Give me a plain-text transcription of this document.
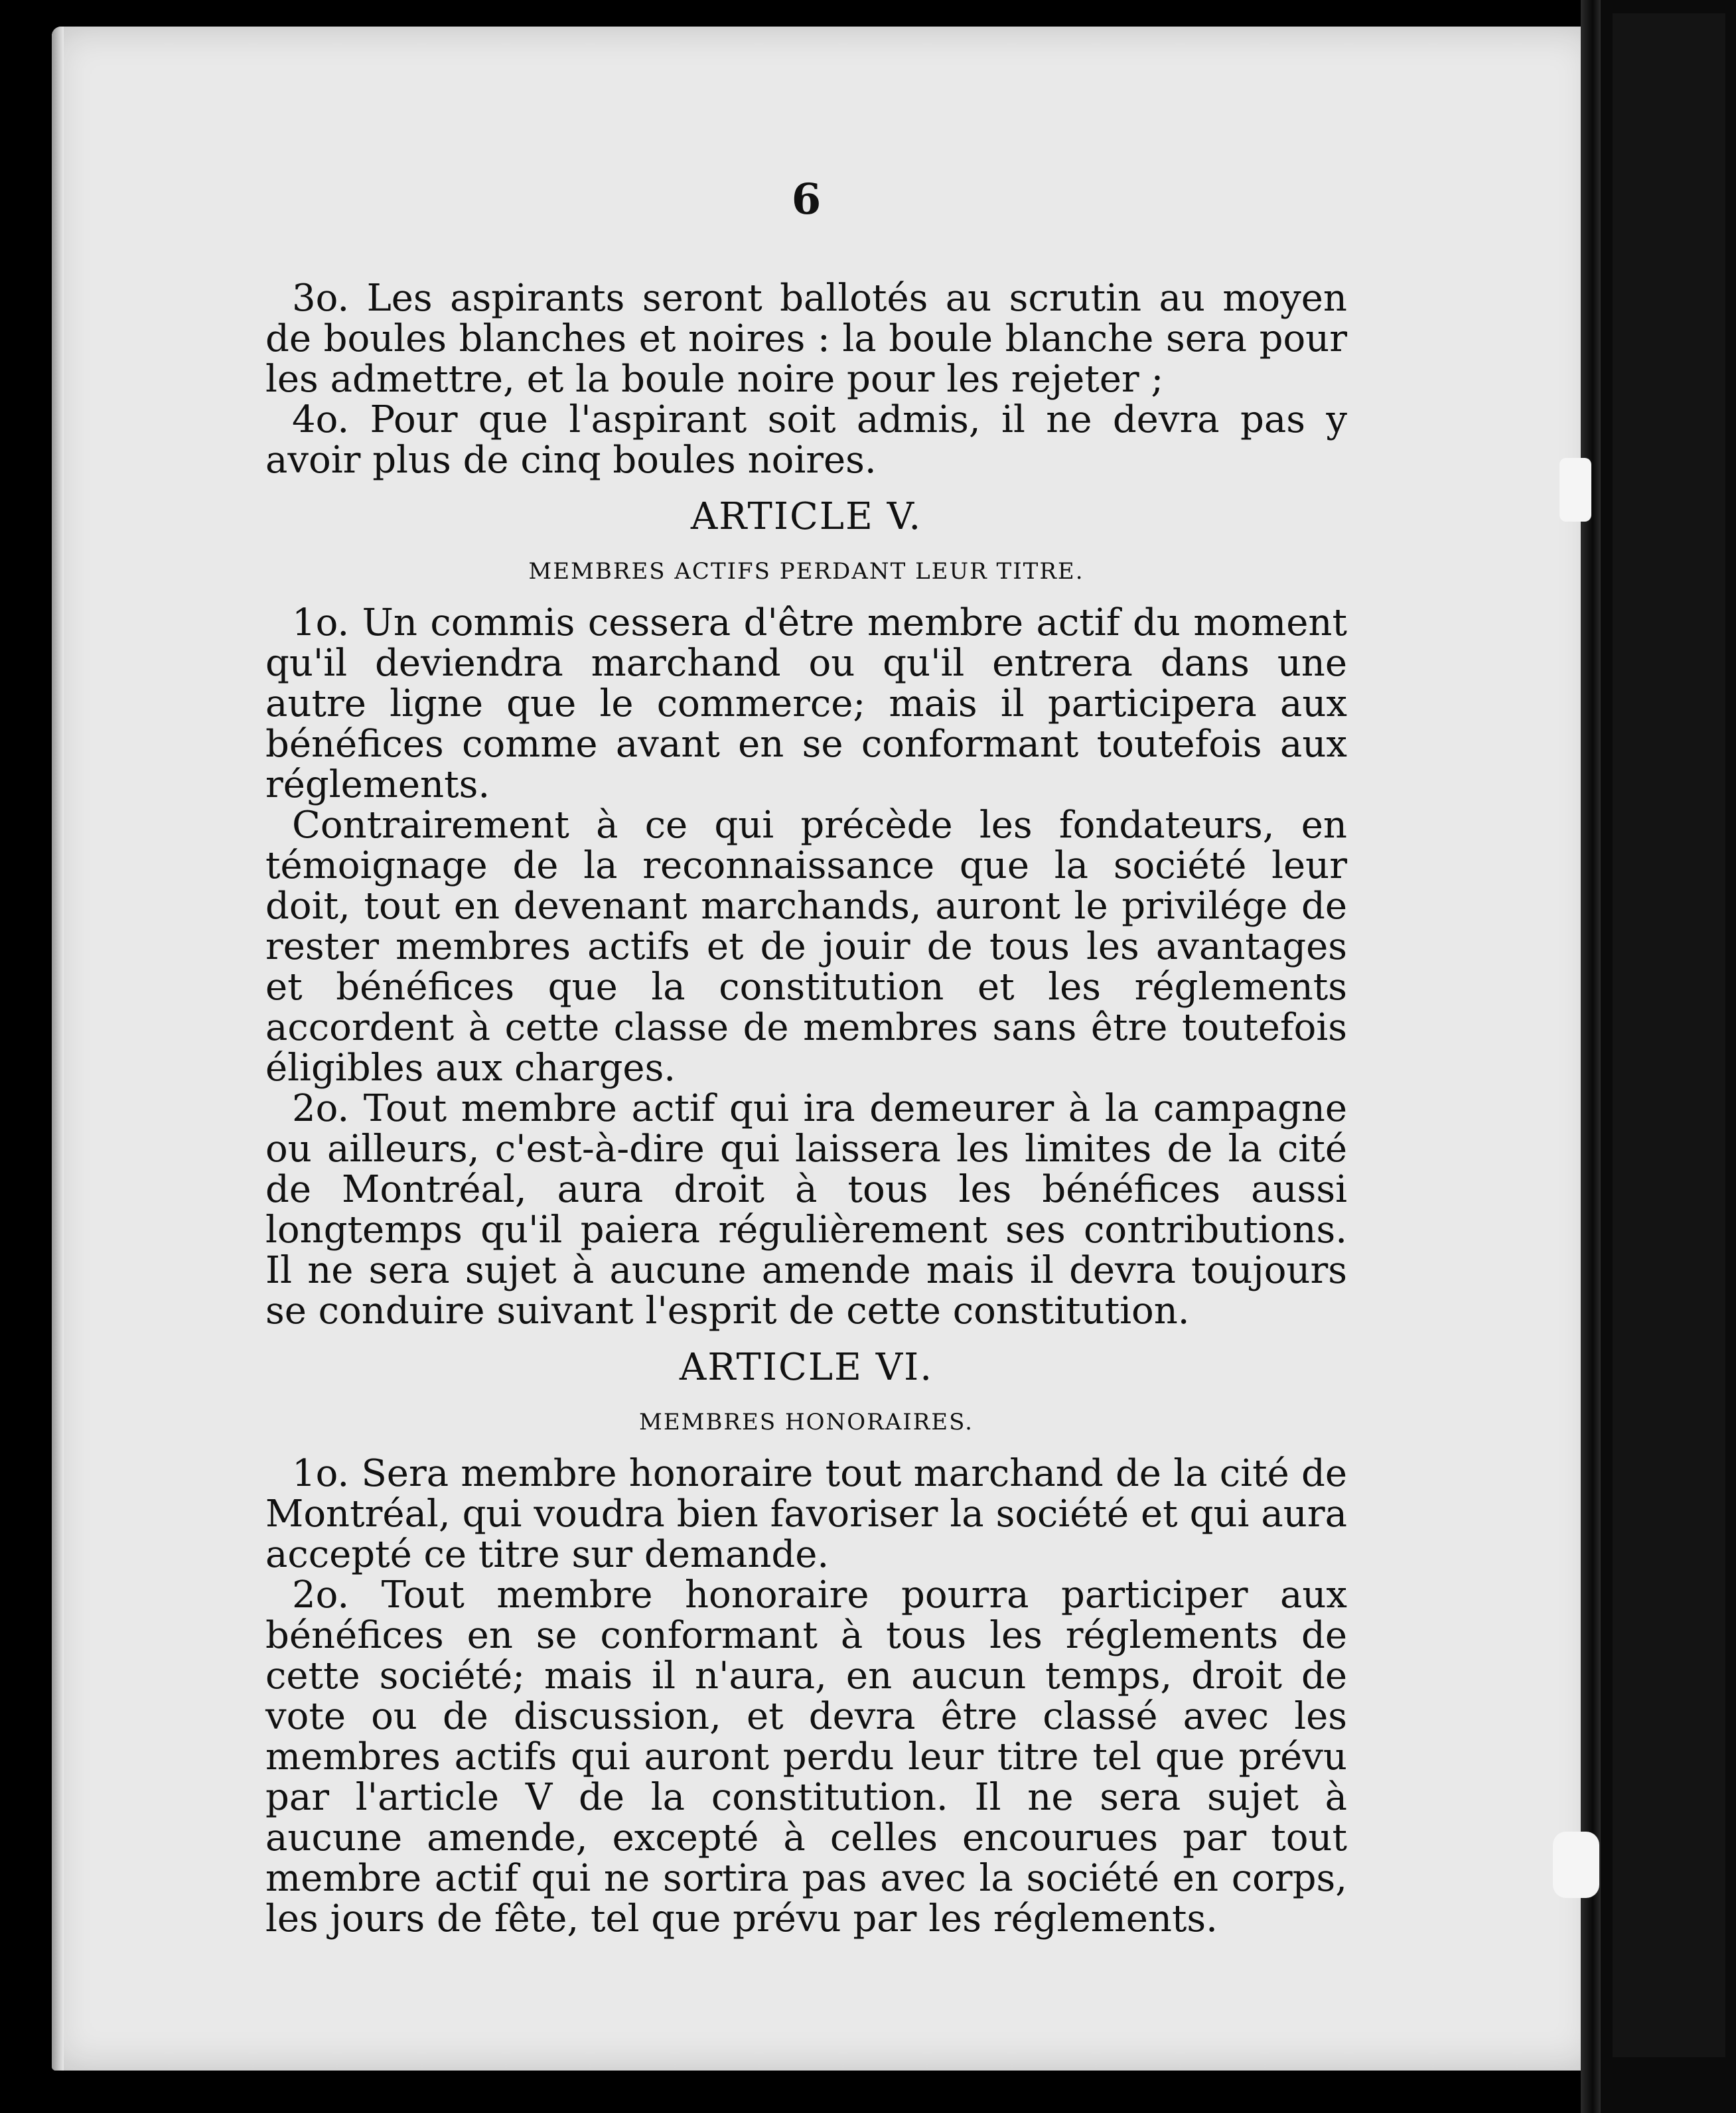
6

3o. Les aspirants seront ballotés au scrutin au moyen de boules blanches et noires : la boule blanche sera pour les admettre, et la boule noire pour les rejeter ;

4o. Pour que l'aspirant soit admis, il ne devra pas y avoir plus de cinq boules noires.

ARTICLE V.
MEMBRES ACTIFS PERDANT LEUR TITRE.

1o. Un commis cessera d'être membre actif du moment qu'il deviendra marchand ou qu'il entrera dans une autre ligne que le commerce; mais il participera aux bénéfices comme avant en se conformant toutefois aux réglements.

Contrairement à ce qui précède les fondateurs, en témoignage de la reconnaissance que la société leur doit, tout en devenant marchands, auront le privilége de rester membres actifs et de jouir de tous les avantages et bénéfices que la constitution et les réglements accordent à cette classe de membres sans être toutefois éligibles aux charges.

2o. Tout membre actif qui ira demeurer à la campagne ou ailleurs, c'est-à-dire qui laissera les limites de la cité de Montréal, aura droit à tous les bénéfices aussi longtemps qu'il paiera régulièrement ses contributions. Il ne sera sujet à aucune amende mais il devra toujours se conduire suivant l'esprit de cette constitution.

ARTICLE VI.
MEMBRES HONORAIRES.

1o. Sera membre honoraire tout marchand de la cité de Montréal, qui voudra bien favoriser la société et qui aura accepté ce titre sur demande.

2o. Tout membre honoraire pourra participer aux bénéfices en se conformant à tous les réglements de cette société; mais il n'aura, en aucun temps, droit de vote ou de discussion, et devra être classé avec les membres actifs qui auront perdu leur titre tel que prévu par l'article V de la constitution. Il ne sera sujet à aucune amende, excepté à celles encourues par tout membre actif qui ne sortira pas avec la société en corps, les jours de fête, tel que prévu par les réglements.
